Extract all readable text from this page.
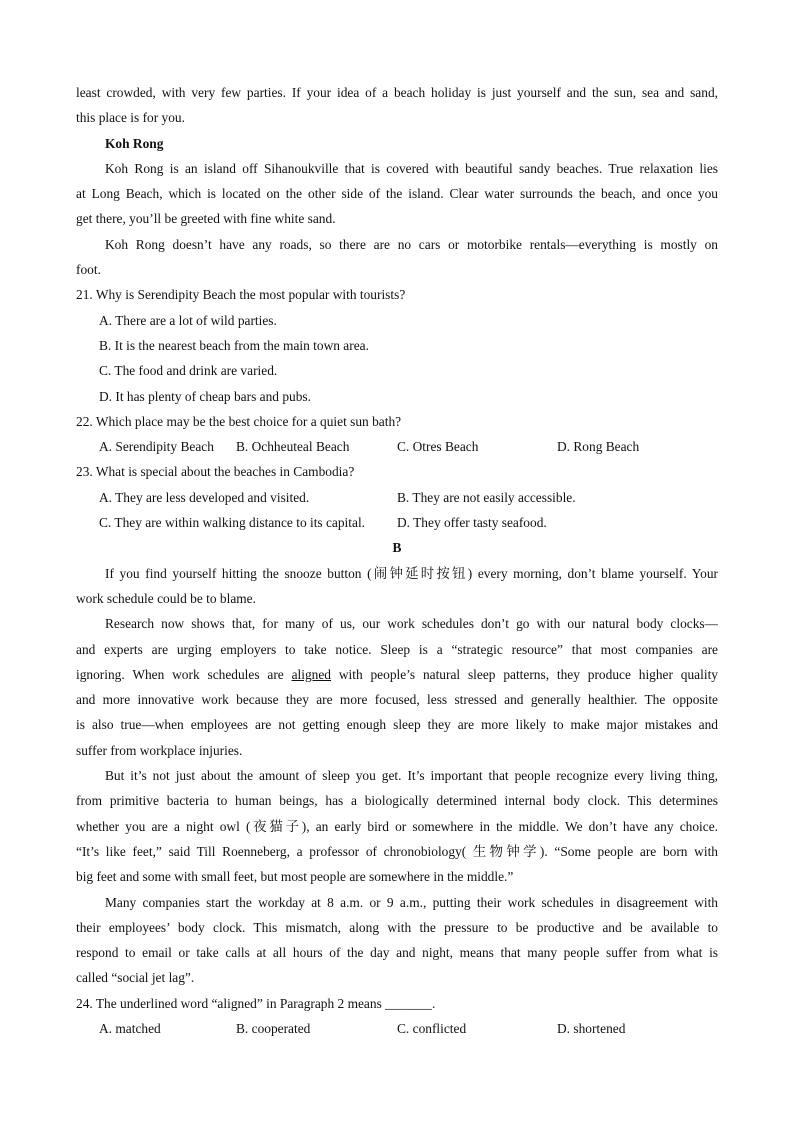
least crowded, with very few parties. If your idea of a beach holiday is just yourself and the sun, sea and sand,
this place is for you.
Koh Rong
Koh Rong is an island off Sihanoukville that is covered with beautiful sandy beaches. True relaxation lies
at Long Beach, which is located on the other side of the island. Clear water surrounds the beach, and once you
get there, you’ll be greeted with fine white sand.
Koh Rong doesn’t have any roads, so there are no cars or motorbike rentals—everything is mostly on
foot.
21. Why is Serendipity Beach the most popular with tourists?
A. There are a lot of wild parties.
B. It is the nearest beach from the main town area.
C. The food and drink are varied.
D. It has plenty of cheap bars and pubs.
22. Which place may be the best choice for a quiet sun bath?
A. Serendipity Beach B. Ochheuteal Beach	C. Otres Beach	D. Rong Beach
23. What is special about the beaches in Cambodia?
A. They are less developed and visited.	B. They are not easily accessible.
C. They are within walking distance to its capital. D. They offer tasty seafood.
B
If you find yourself hitting the snooze button (闹钟延时按钮) every morning, don’t blame yourself. Your
work schedule could be to blame.
Research now shows that, for many of us, our work schedules don’t go with our natural body clocks—
and experts are urging employers to take notice. Sleep is a “strategic resource” that most companies are
ignoring. When work schedules are aligned with people’s natural sleep patterns, they produce higher quality
and more innovative work because they are more focused, less stressed and generally healthier. The opposite
is also true—when employees are not getting enough sleep they are more likely to make major mistakes and
suffer from workplace injuries.
But it’s not just about the amount of sleep you get. It’s important that people recognize every living thing,
from primitive bacteria to human beings, has a biologically determined internal body clock. This determines
whether you are a night owl (夜猫子), an early bird or somewhere in the middle. We don’t have any choice.
“It’s like feet,” said Till Roenneberg, a professor of chronobiology( 生物钟学). “Some people are born with
big feet and some with small feet, but most people are somewhere in the middle.”
Many companies start the workday at 8 a.m. or 9 a.m., putting their work schedules in disagreement with
their employees’ body clock. This mismatch, along with the pressure to be productive and be available to
respond to email or take calls at all hours of the day and night, means that many people suffer from what is
called “social jet lag”.
24. The underlined word “aligned” in Paragraph 2 means _______.
A. matched	B. cooperated	C. conflicted	D. shortened
